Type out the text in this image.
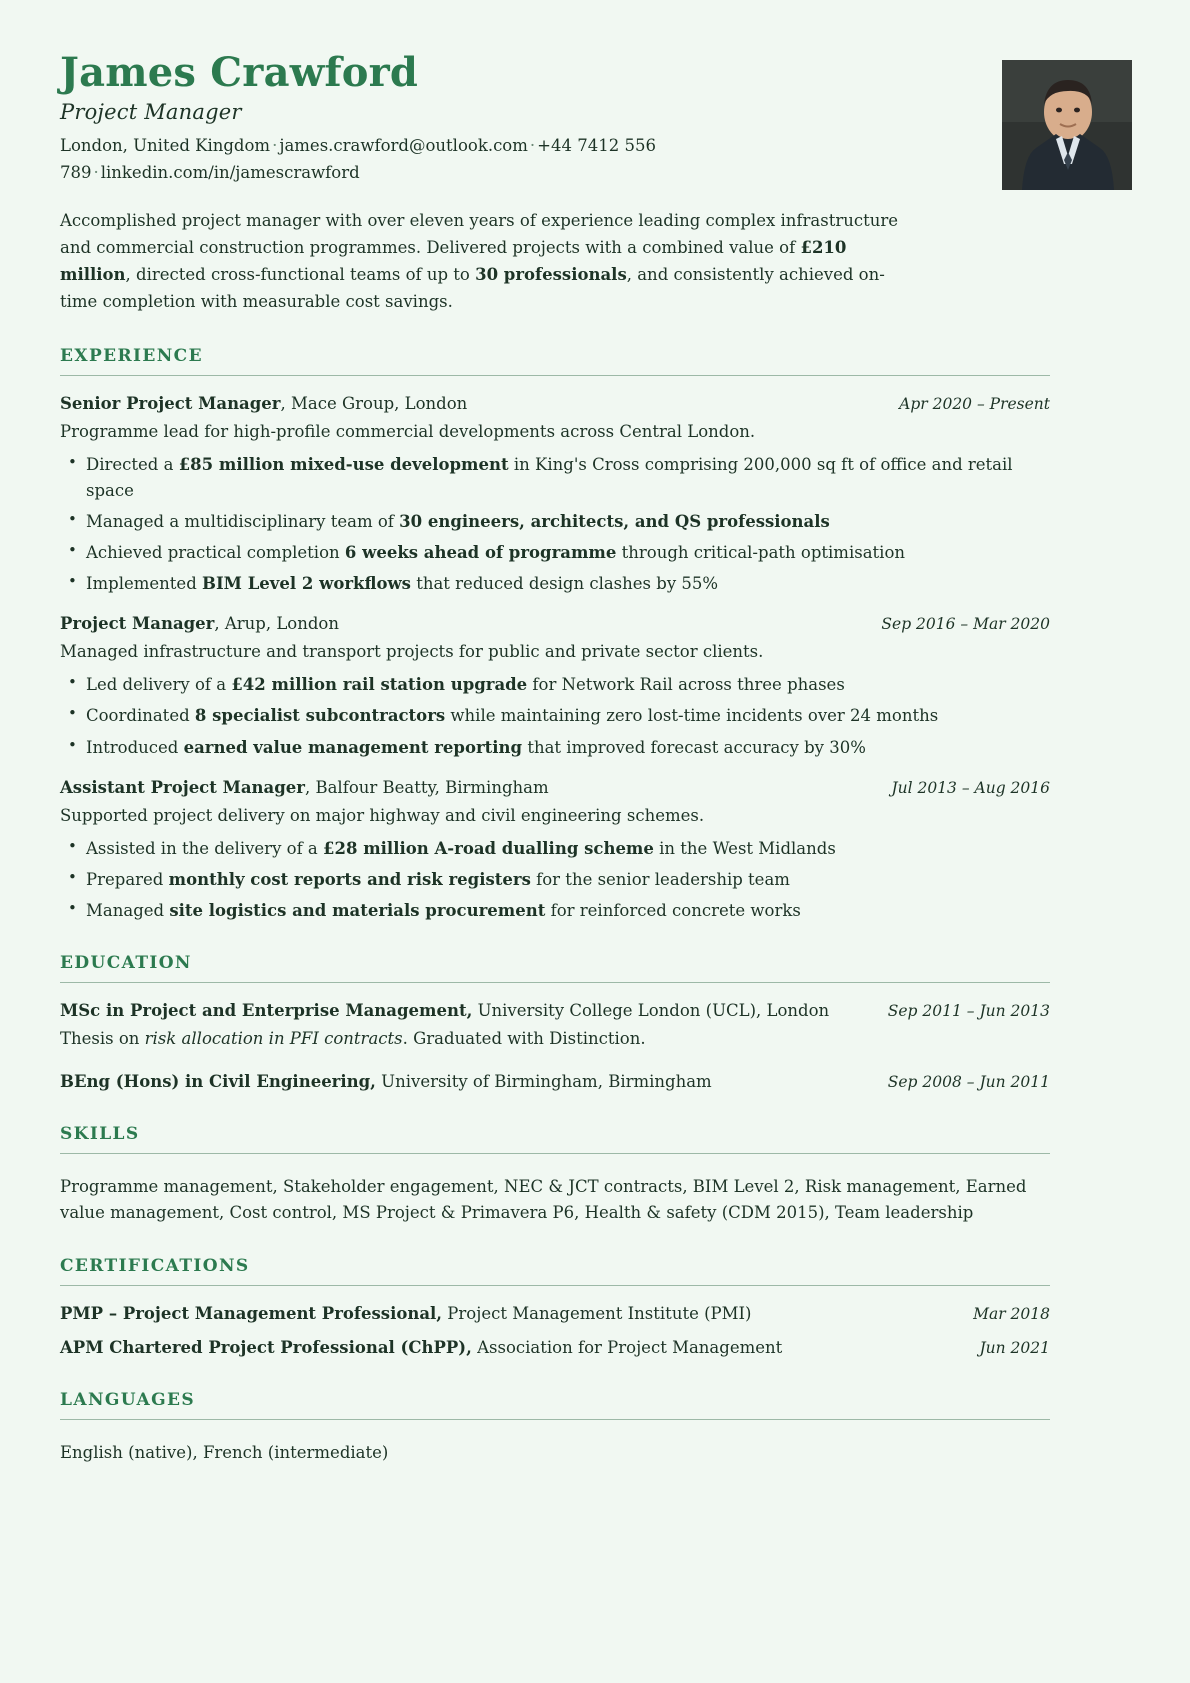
James Crawford
Project Manager
London, United Kingdom · james.crawford@outlook.com · +44 7412 556 789 · linkedin.com/in/jamescrawford
Accomplished project manager with over eleven years of experience leading complex infrastructure and commercial construction programmes. Delivered projects with a combined value of £210 million, directed cross-functional teams of up to 30 professionals, and consistently achieved on-time completion with measurable cost savings.
EXPERIENCE
Senior Project Manager, Mace Group, London	Apr 2020 – Present
Programme lead for high-profile commercial developments across Central London.
• Directed a £85 million mixed-use development in King's Cross comprising 200,000 sq ft of office and retail space
• Managed a multidisciplinary team of 30 engineers, architects, and QS professionals
• Achieved practical completion 6 weeks ahead of programme through critical-path optimisation
• Implemented BIM Level 2 workflows that reduced design clashes by 55%
Project Manager, Arup, London	Sep 2016 – Mar 2020
Managed infrastructure and transport projects for public and private sector clients.
• Led delivery of a £42 million rail station upgrade for Network Rail across three phases
• Coordinated 8 specialist subcontractors while maintaining zero lost-time incidents over 24 months
• Introduced earned value management reporting that improved forecast accuracy by 30%
Assistant Project Manager, Balfour Beatty, Birmingham	Jul 2013 – Aug 2016
Supported project delivery on major highway and civil engineering schemes.
• Assisted in the delivery of a £28 million A-road dualling scheme in the West Midlands
• Prepared monthly cost reports and risk registers for the senior leadership team
• Managed site logistics and materials procurement for reinforced concrete works
EDUCATION
MSc in Project and Enterprise Management, University College London (UCL), London	Sep 2011 – Jun 2013
Thesis on risk allocation in PFI contracts. Graduated with Distinction.
BEng (Hons) in Civil Engineering, University of Birmingham, Birmingham	Sep 2008 – Jun 2011
SKILLS
Programme management, Stakeholder engagement, NEC & JCT contracts, BIM Level 2, Risk management, Earned value management, Cost control, MS Project & Primavera P6, Health & safety (CDM 2015), Team leadership
CERTIFICATIONS
PMP – Project Management Professional, Project Management Institute (PMI)	Mar 2018
APM Chartered Project Professional (ChPP), Association for Project Management	Jun 2021
LANGUAGES
English (native), French (intermediate)
